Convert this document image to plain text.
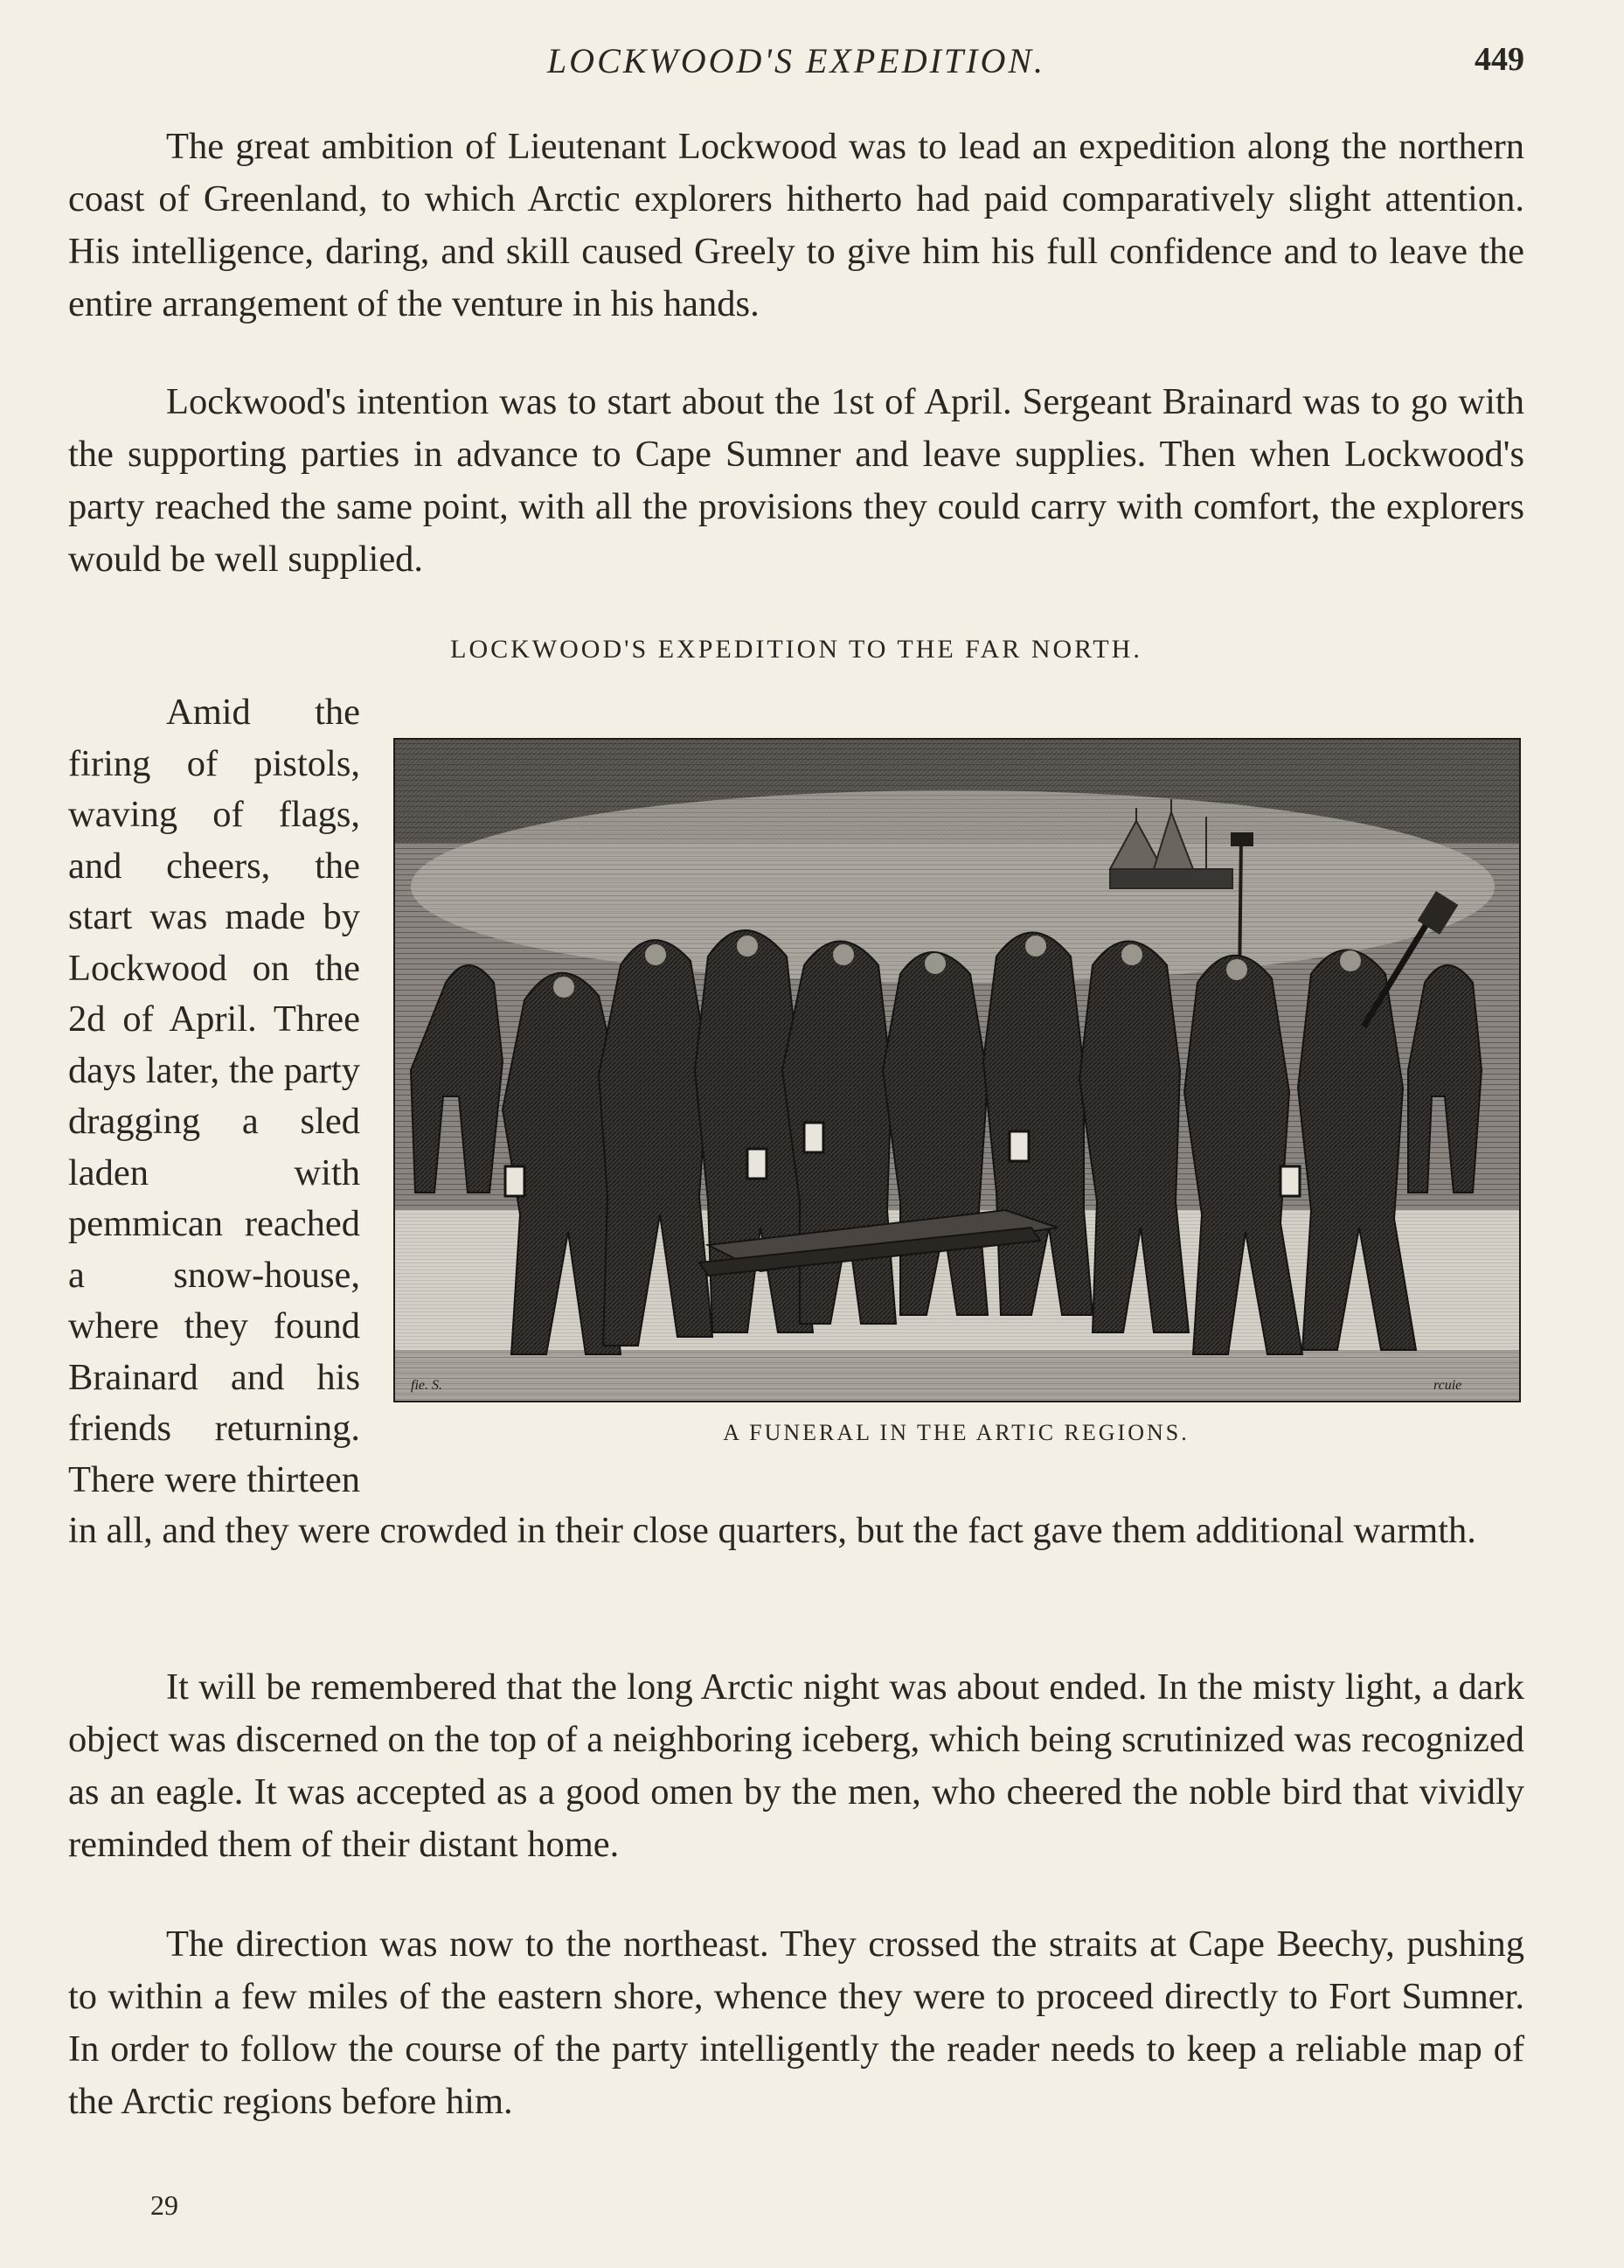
LOCKWOOD'S EXPEDITION.	449

The great ambition of Lieutenant Lockwood was to lead an expedition along the northern coast of Greenland, to which Arctic explorers hitherto had paid comparatively slight attention. His intelligence, daring, and skill caused Greely to give him his full confidence and to leave the entire arrangement of the venture in his hands.

Lockwood's intention was to start about the 1st of April. Sergeant Brainard was to go with the supporting parties in advance to Cape Sumner and leave supplies. Then when Lockwood's party reached the same point, with all the provisions they could carry with comfort, the explorers would be well supplied.

LOCKWOOD'S EXPEDITION TO THE FAR NORTH.
fie. S.	rcuie
A FUNERAL IN THE ARTIC REGIONS.
Amid the firing of pistols, waving of flags, and cheers, the start was made by Lockwood on the 2d of April. Three days later, the party dragging a sled laden with pemmican reached a snow-house, where they found Brainard and his friends returning. There were thirteen in all, and they were crowded in their close quarters, but the fact gave them additional warmth.

It will be remembered that the long Arctic night was about ended. In the misty light, a dark object was discerned on the top of a neighboring iceberg, which being scrutinized was recognized as an eagle. It was accepted as a good omen by the men, who cheered the noble bird that vividly reminded them of their distant home.

The direction was now to the northeast. They crossed the straits at Cape Beechy, pushing to within a few miles of the eastern shore, whence they were to proceed directly to Fort Sumner. In order to follow the course of the party intelligently the reader needs to keep a reliable map of the Arctic regions before him.

29
